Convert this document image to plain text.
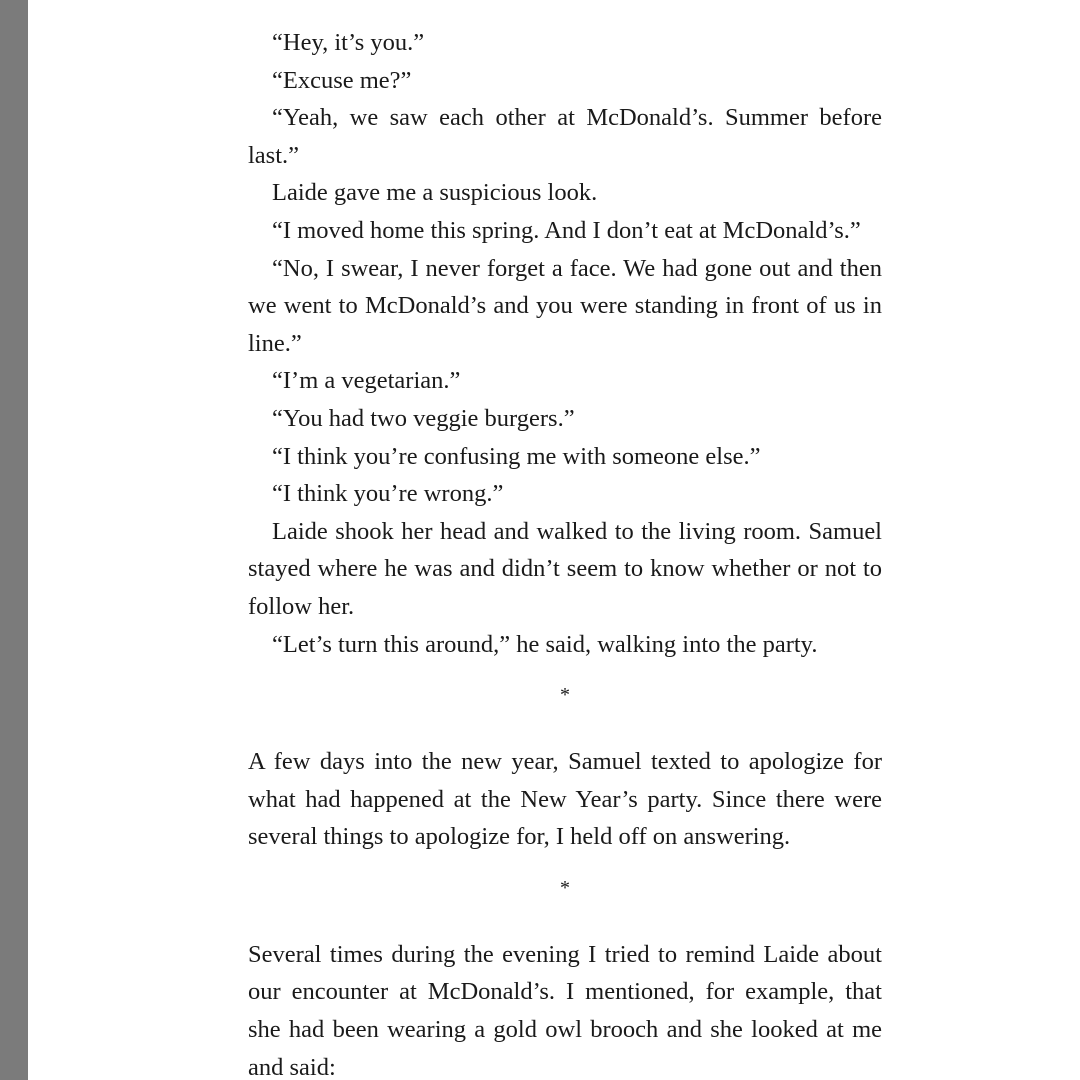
“Hey, it’s you.”

“Excuse me?”

“Yeah, we saw each other at McDonald’s. Summer before last.”

Laide gave me a suspicious look.

“I moved home this spring. And I don’t eat at McDonald’s.”

“No, I swear, I never forget a face. We had gone out and then we went to McDonald’s and you were standing in front of us in line.”

“I’m a vegetarian.”

“You had two veggie burgers.”

“I think you’re confusing me with someone else.”

“I think you’re wrong.”

Laide shook her head and walked to the living room. Samuel stayed where he was and didn’t seem to know whether or not to follow her.

“Let’s turn this around,” he said, walking into the party.

*

A few days into the new year, Samuel texted to apologize for what had happened at the New Year’s party. Since there were several things to apologize for, I held off on answering.

*

Several times during the evening I tried to remind Laide about our encounter at McDonald’s. I mentioned, for example, that she had been wearing a gold owl brooch and she looked at me and said:
